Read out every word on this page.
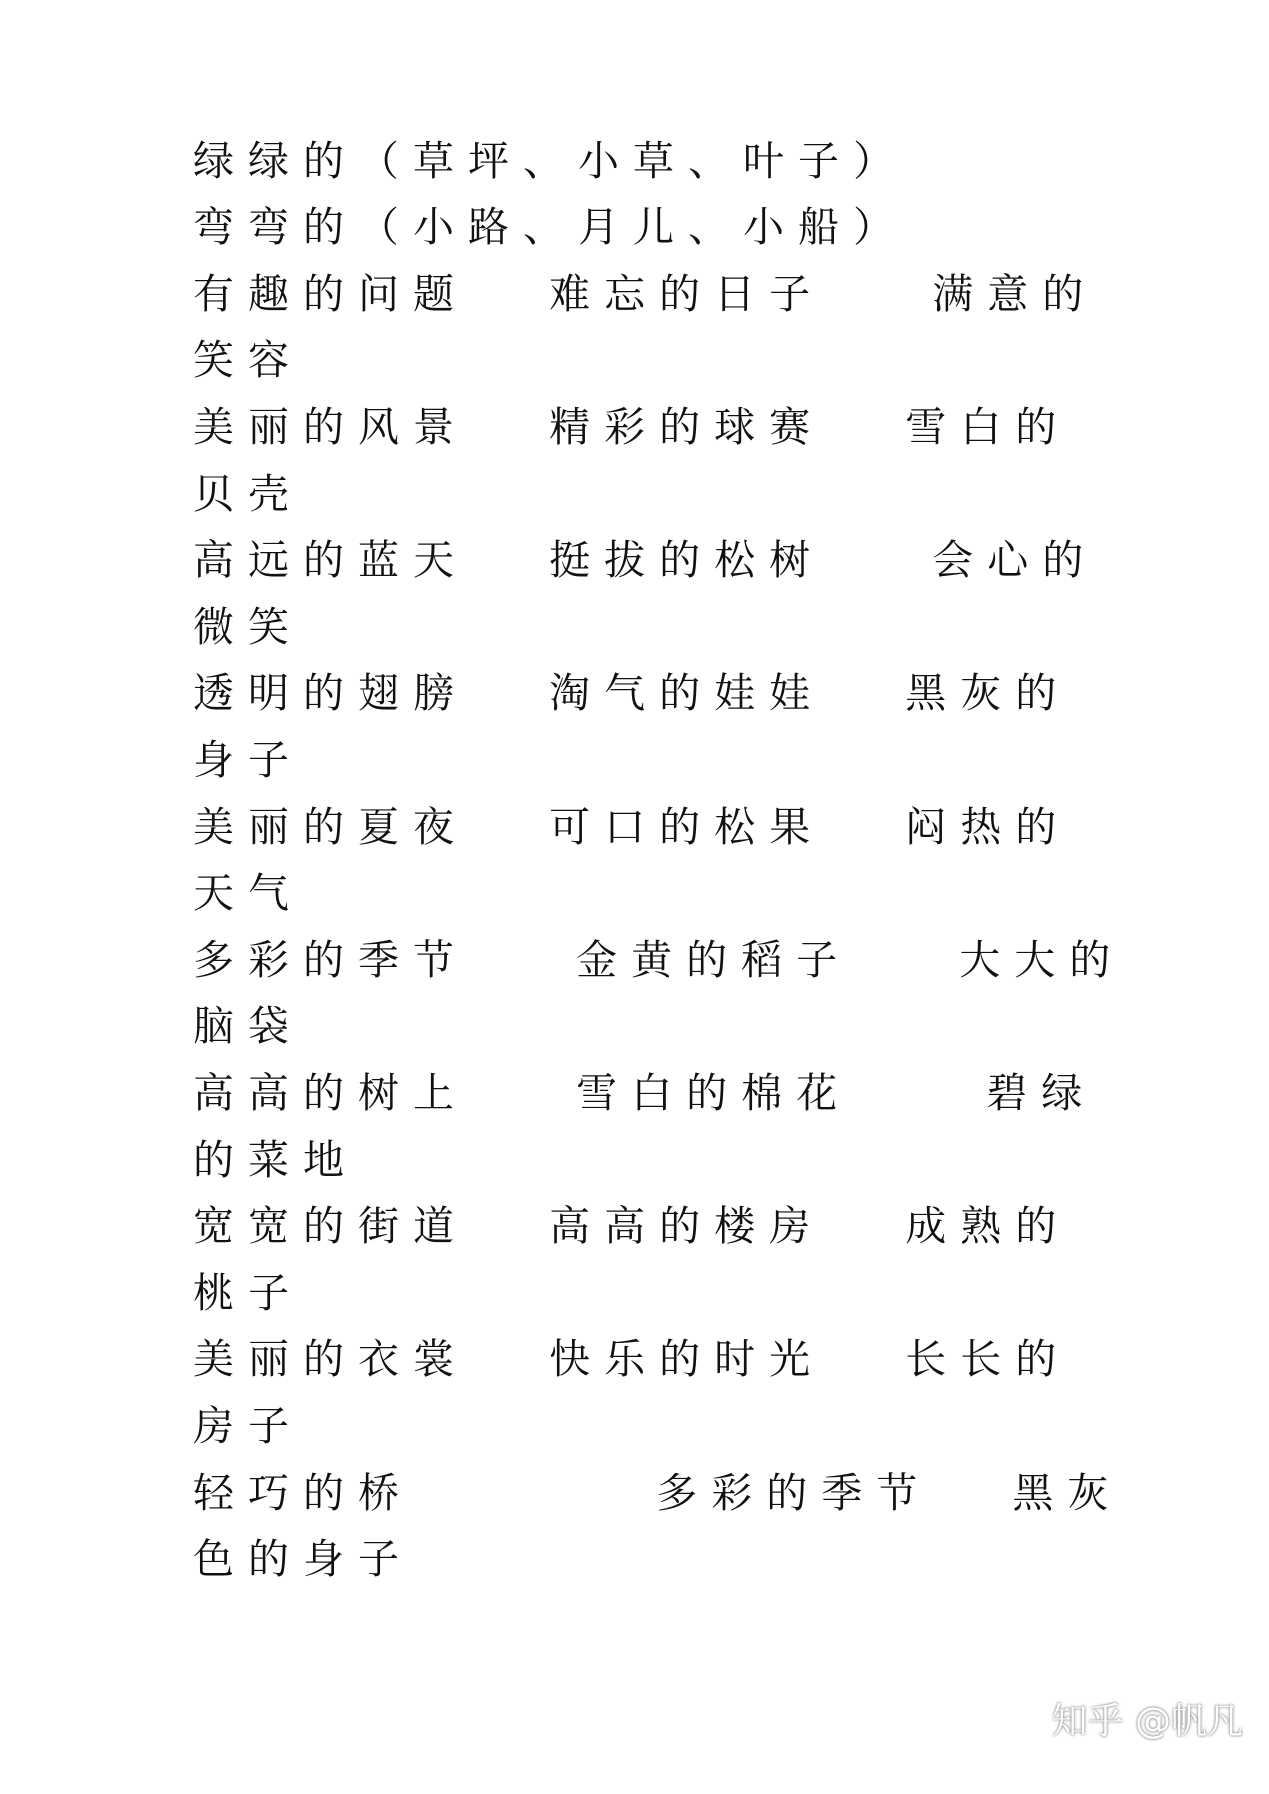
绿绿的（草坪、小草、叶子）
弯弯的（小路、月儿、小船）
有趣的问题   难忘的日子    满意的
笑容
美丽的风景   精彩的球赛   雪白的
贝壳
高远的蓝天   挺拔的松树    会心的
微笑
透明的翅膀   淘气的娃娃   黑灰的
身子
美丽的夏夜   可口的松果   闷热的
天气
多彩的季节    金黄的稻子    大大的
脑袋
高高的树上    雪白的棉花     碧绿
的菜地
宽宽的街道   高高的楼房   成熟的
桃子
美丽的衣裳   快乐的时光   长长的
房子
轻巧的桥         多彩的季节   黑灰
色的身子
知乎 @帆凡
